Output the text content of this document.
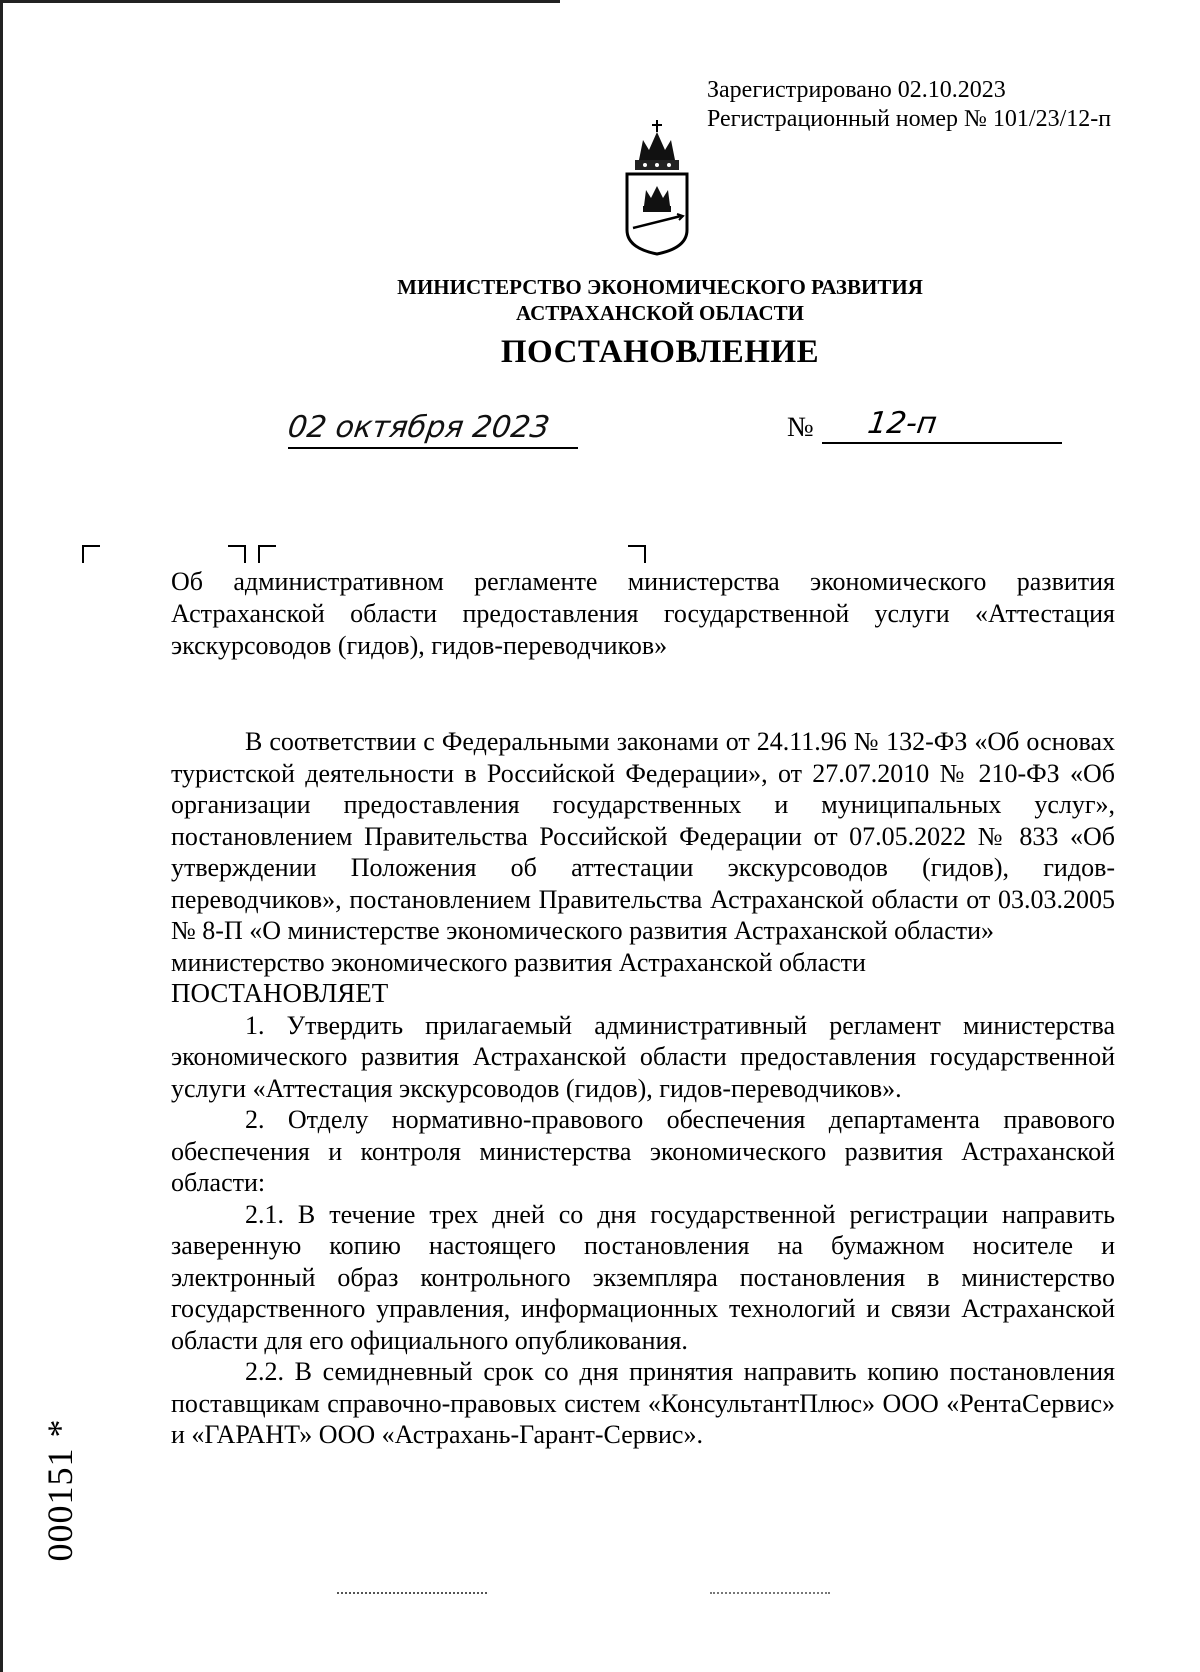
Зарегистрировано 02.10.2023
Регистрационный номер № 101/23/12-п
МИНИСТЕРСТВО ЭКОНОМИЧЕСКОГО РАЗВИТИЯ
АСТРАХАНСКОЙ ОБЛАСТИ
ПОСТАНОВЛЕНИЕ
02 октября 2023	№ 12-п

Об административном регламенте министерства экономического развития Астраханской области предоставления государственной услуги «Аттестация экскурсоводов (гидов), гидов-переводчиков»

В соответствии с Федеральными законами от 24.11.96 № 132-ФЗ «Об основах туристской деятельности в Российской Федерации», от 27.07.2010 № 210-ФЗ «Об организации предоставления государственных и муниципальных услуг», постановлением Правительства Российской Федерации от 07.05.2022 № 833 «Об утверждении Положения об аттестации экскурсоводов (гидов), гидов-переводчиков», постановлением Правительства Астраханской области от 03.03.2005 № 8-П «О министерстве экономического развития Астраханской области»

министерство экономического развития Астраханской области

ПОСТАНОВЛЯЕТ

1. Утвердить прилагаемый административный регламент министерства экономического развития Астраханской области предоставления государственной услуги «Аттестация экскурсоводов (гидов), гидов-переводчиков».

2. Отделу нормативно-правового обеспечения департамента правового обеспечения и контроля министерства экономического развития Астраханской области:

2.1. В течение трех дней со дня государственной регистрации направить заверенную копию настоящего постановления на бумажном носителе и электронный образ контрольного экземпляра постановления в министерство государственного управления, информационных технологий и связи Астраханской области для его официального опубликования.

2.2. В семидневный срок со дня принятия направить копию постановления поставщикам справочно-правовых систем «КонсультантПлюс» ООО «РентаСервис» и «ГАРАНТ» ООО «Астрахань-Гарант-Сервис».

000151 *
